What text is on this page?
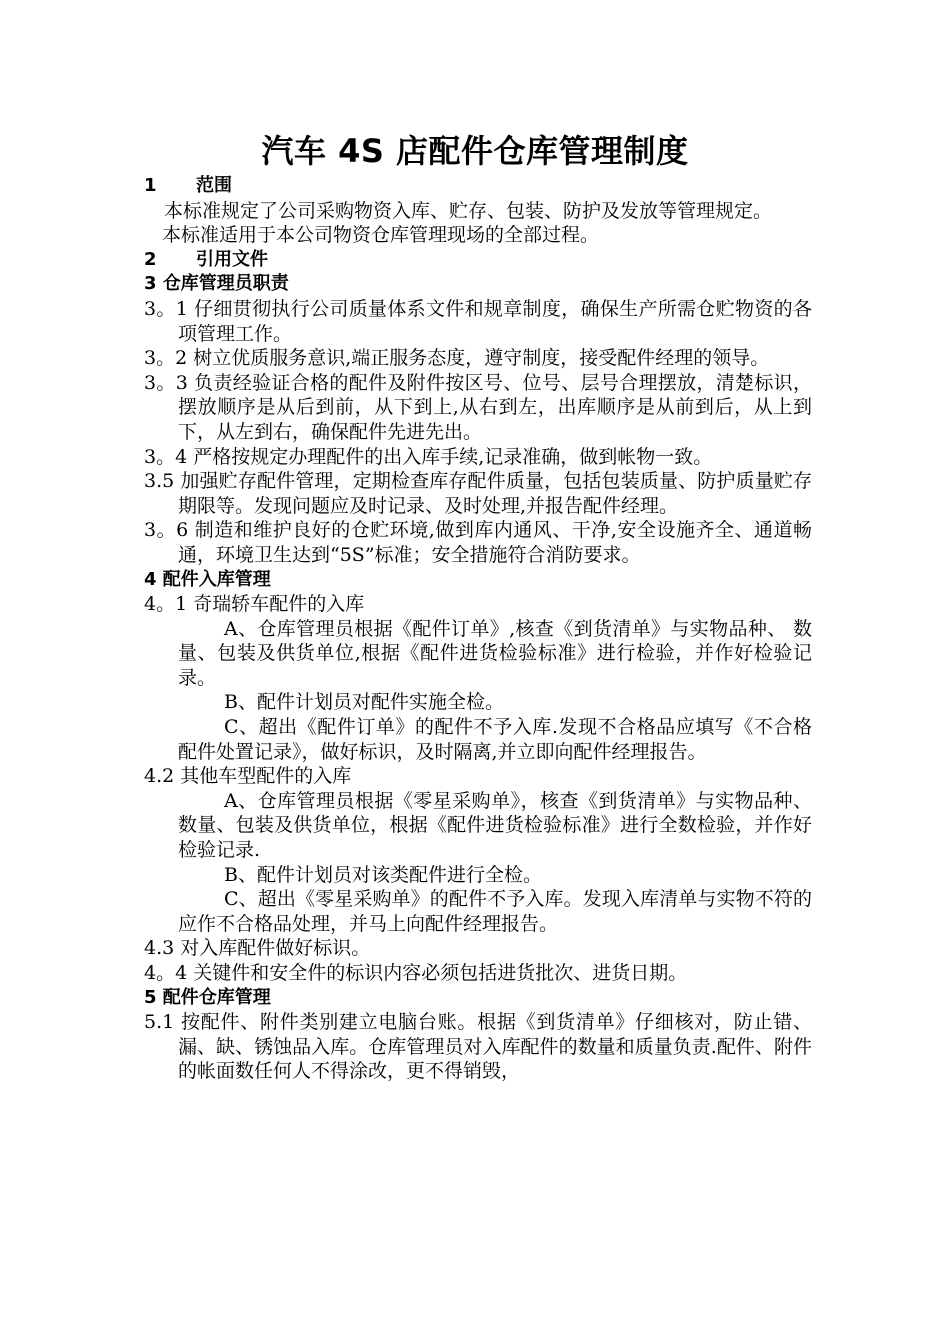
汽车 4S 店配件仓库管理制度
1 范围
本标准规定了公司采购物资入库、贮存、包装、防护及发放等管理规定。
本标准适用于本公司物资仓库管理现场的全部过程。
2 引用文件
3 仓库管理员职责
3。1 仔细贯彻执行公司质量体系文件和规章制度，确保生产所需仓贮物资的各项管理工作。
3。2 树立优质服务意识,端正服务态度，遵守制度，接受配件经理的领导。
3。3 负责经验证合格的配件及附件按区号、位号、层号合理摆放，清楚标识，摆放顺序是从后到前，从下到上,从右到左，出库顺序是从前到后，从上到下，从左到右，确保配件先进先出。
3。4 严格按规定办理配件的出入库手续,记录准确，做到帐物一致。
3.5 加强贮存配件管理，定期检查库存配件质量，包括包装质量、防护质量贮存期限等。发现问题应及时记录、及时处理,并报告配件经理。
3。6 制造和维护良好的仓贮环境,做到库内通风、干净,安全设施齐全、通道畅通，环境卫生达到“5S”标准；安全措施符合消防要求。
4 配件入库管理
4。1 奇瑞轿车配件的入库
A、仓库管理员根据《配件订单》,核查《到货清单》与实物品种、 数量、包装及供货单位,根据《配件进货检验标准》进行检验，并作好检验记录。
B、配件计划员对配件实施全检。
C、超出《配件订单》的配件不予入库.发现不合格品应填写《不合格配件处置记录》，做好标识，及时隔离,并立即向配件经理报告。
4.2 其他车型配件的入库
A、仓库管理员根据《零星采购单》，核查《到货清单》与实物品种、数量、包装及供货单位，根据《配件进货检验标准》进行全数检验，并作好检验记录.
B、配件计划员对该类配件进行全检。
C、超出《零星采购单》的配件不予入库。发现入库清单与实物不符的应作不合格品处理，并马上向配件经理报告。
4.3 对入库配件做好标识。
4。4 关键件和安全件的标识内容必须包括进货批次、进货日期。
5 配件仓库管理
5.1 按配件、附件类别建立电脑台账。根据《到货清单》仔细核对，防止错、漏、缺、锈蚀品入库。仓库管理员对入库配件的数量和质量负责.配件、附件的帐面数任何人不得涂改，更不得销毁，
